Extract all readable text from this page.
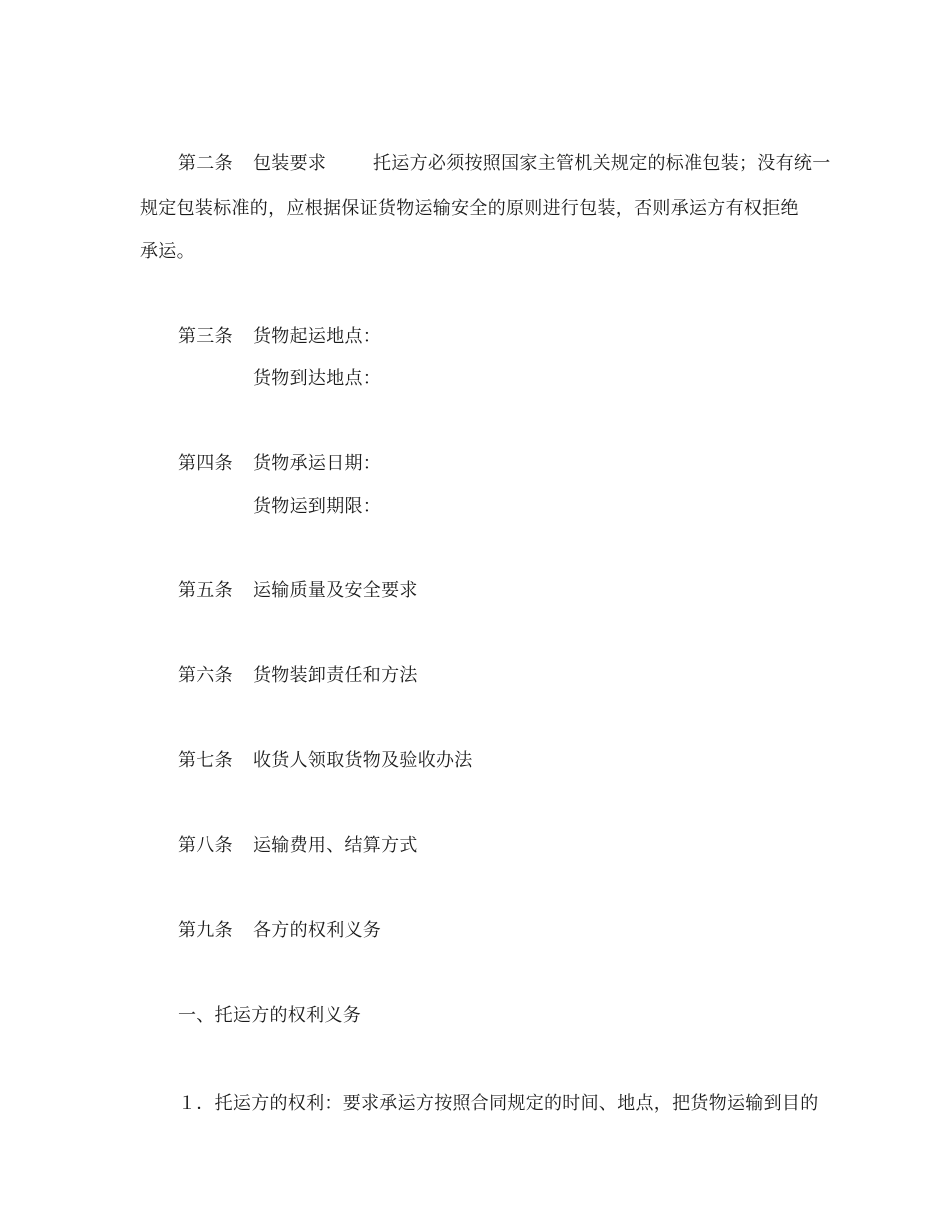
第二条 包装要求	托运方必须按照国家主管机关规定的标准包装；没有统一
规定包装标准的，应根据保证货物运输安全的原则进行包装，否则承运方有权拒绝
承运。
第三条 货物起运地点：
货物到达地点：
第四条 货物承运日期：
货物运到期限：
第五条 运输质量及安全要求
第六条 货物装卸责任和方法
第七条 收货人领取货物及验收办法
第八条 运输费用、结算方式
第九条 各方的权利义务
一、托运方的权利义务
１．托运方的权利：要求承运方按照合同规定的时间、地点，把货物运输到目的
